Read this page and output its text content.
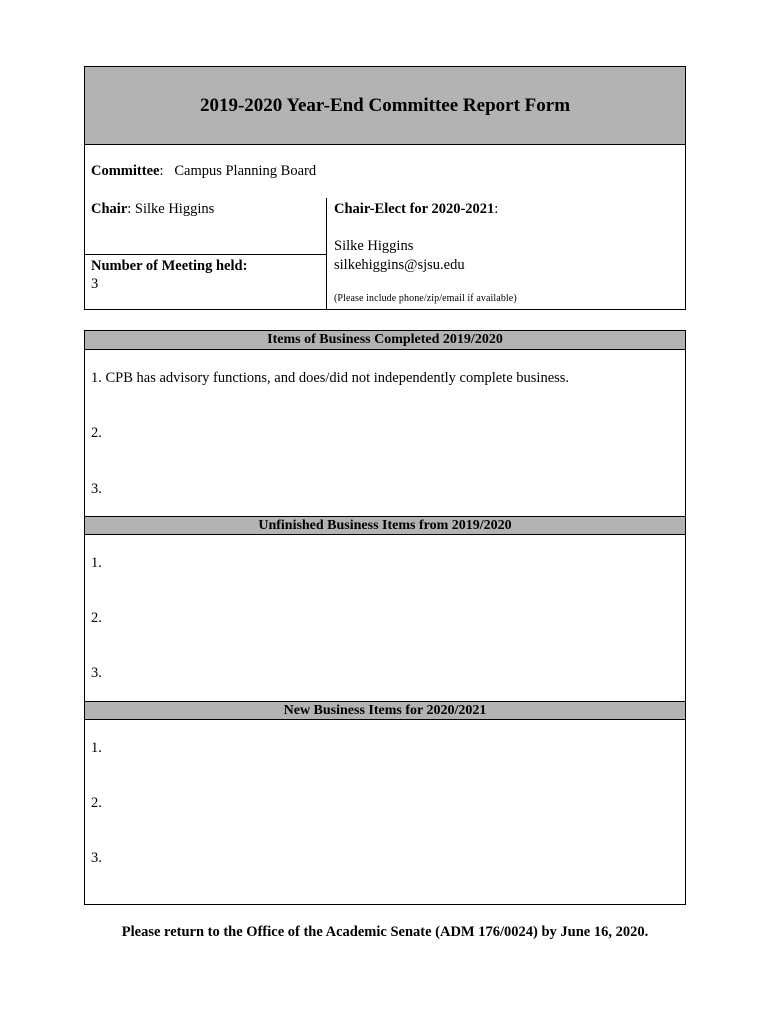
2019-2020 Year-End Committee Report Form
Committee:   Campus Planning Board
Chair: Silke Higgins
Number of Meeting held:
3
Chair-Elect for 2020-2021:
Silke Higgins
silkehiggins@sjsu.edu
(Please include phone/zip/email if available)
Items of Business Completed 2019/2020
1. CPB has advisory functions, and does/did not independently complete business.
2.
3.
Unfinished Business Items from 2019/2020
1.
2.
3.
New Business Items for 2020/2021
1.
2.
3.
Please return to the Office of the Academic Senate (ADM 176/0024) by June 16, 2020.
